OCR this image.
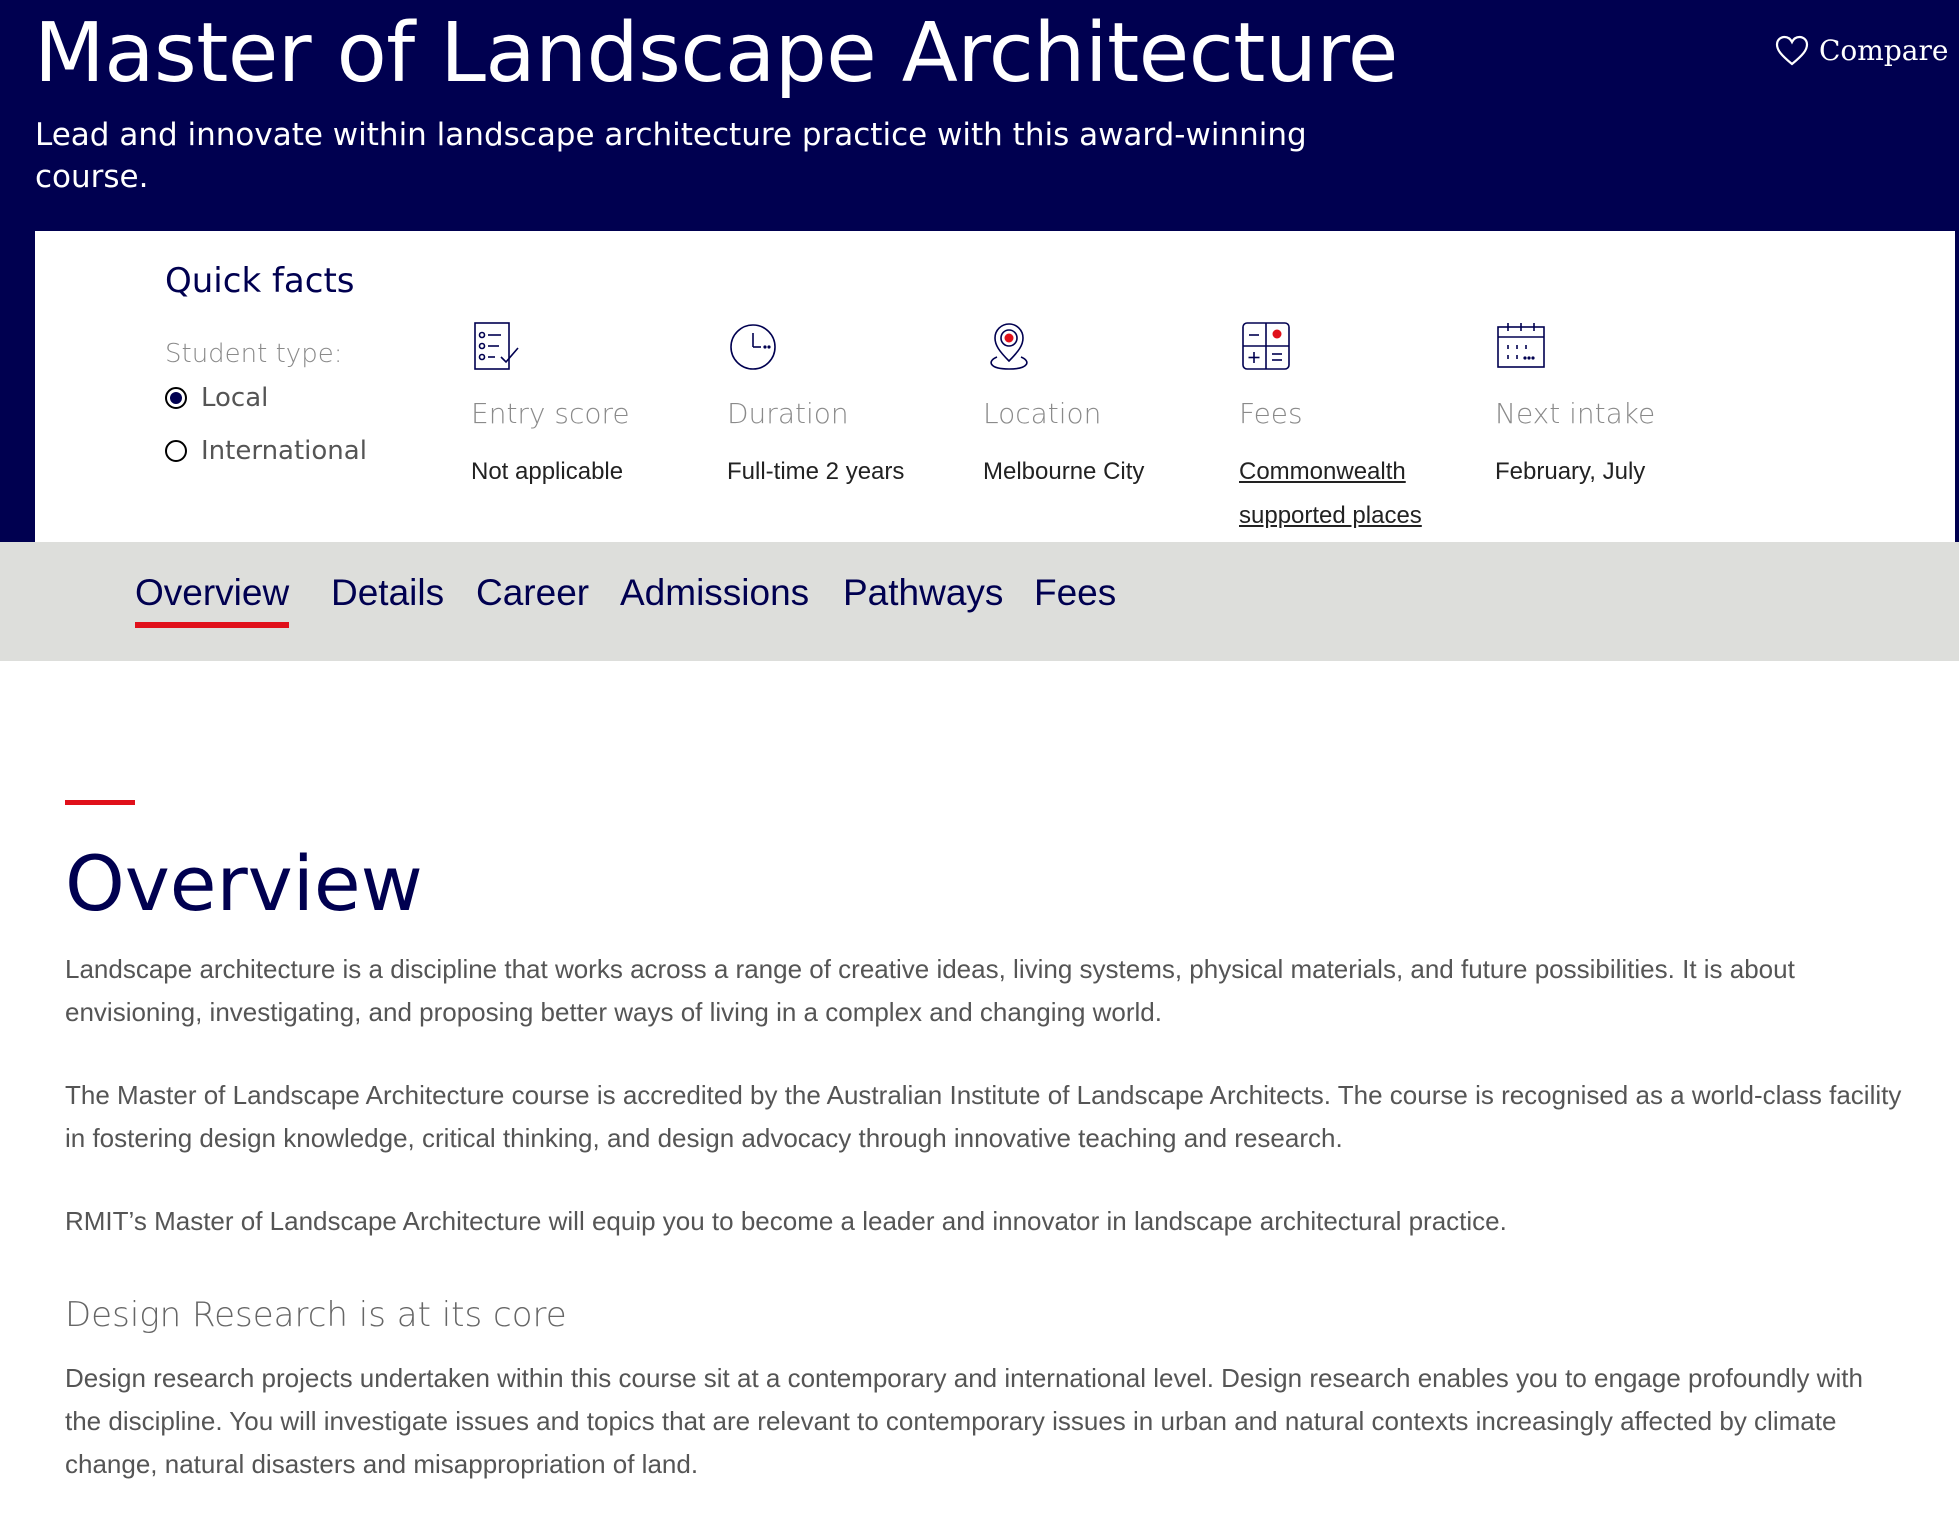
Master of Landscape Architecture

Lead and innovate within landscape architecture practice with this award-winning course.

Compare
Quick facts
Student type:
Local
International
Entry score
Not applicable
Duration
Full-time 2 years
Location
Melbourne City
Fees
Commonwealth supported places
Next intake
February, July
Overview Details Career Admissions Pathways Fees
Overview

Landscape architecture is a discipline that works across a range of creative ideas, living systems, physical materials, and future possibilities. It is about envisioning, investigating, and proposing better ways of living in a complex and changing world.

The Master of Landscape Architecture course is accredited by the Australian Institute of Landscape Architects. The course is recognised as a world-class facility in fostering design knowledge, critical thinking, and design advocacy through innovative teaching and research.

RMIT’s Master of Landscape Architecture will equip you to become a leader and innovator in landscape architectural practice.

Design Research is at its core

Design research projects undertaken within this course sit at a contemporary and international level. Design research enables you to engage profoundly with the discipline. You will investigate issues and topics that are relevant to contemporary issues in urban and natural contexts increasingly affected by climate change, natural disasters and misappropriation of land.
